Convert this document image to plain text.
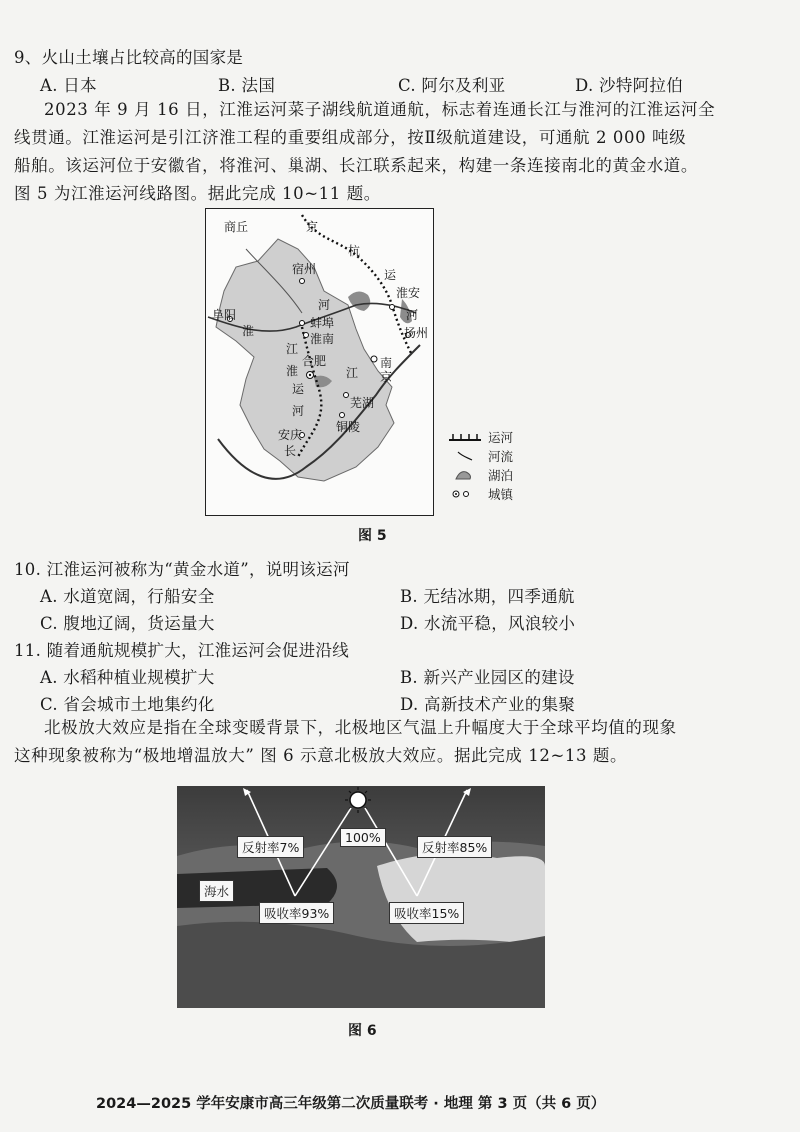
9、火山土壤占比较高的国家是
A. 日本	B. 法国	C. 阿尔及利亚	D. 沙特阿拉伯
2023 年 9 月 16 日，江淮运河菜子湖线航道通航，标志着连通长江与淮河的江淮运河全
线贯通。江淮运河是引江济淮工程的重要组成部分，按Ⅱ级航道建设，可通航 2 000 吨级
船舶。该运河位于安徽省，将淮河、巢湖、长江联系起来，构建一条连接南北的黄金水道。
图 5 为江淮运河线路图。据此完成 10~11 题。
商丘	京
杭
运
宿州
河
淮安
河
阜阳
淮
蚌埠
淮南	扬州
江
合肥	南
京
江
淮
运
河
芜湖
安庆
铜陵
长
运河
河流
湖泊
城镇
图 5
10. 江淮运河被称为“黄金水道”，说明该运河
A. 水道宽阔，行船安全	B. 无结冰期，四季通航
C. 腹地辽阔，货运量大	D. 水流平稳，风浪较小
11. 随着通航规模扩大，江淮运河会促进沿线
A. 水稻种植业规模扩大	B. 新兴产业园区的建设
C. 省会城市土地集约化	D. 高新技术产业的集聚
北极放大效应是指在全球变暖背景下，北极地区气温上升幅度大于全球平均值的现象
这种现象被称为“极地增温放大” 图 6 示意北极放大效应。据此完成 12~13 题。
反射率7%
100%
反射率85%
海水
吸收率93%	吸收率15%
图 6
2024—2025 学年安康市高三年级第二次质量联考 · 地理 第 3 页（共 6 页）
